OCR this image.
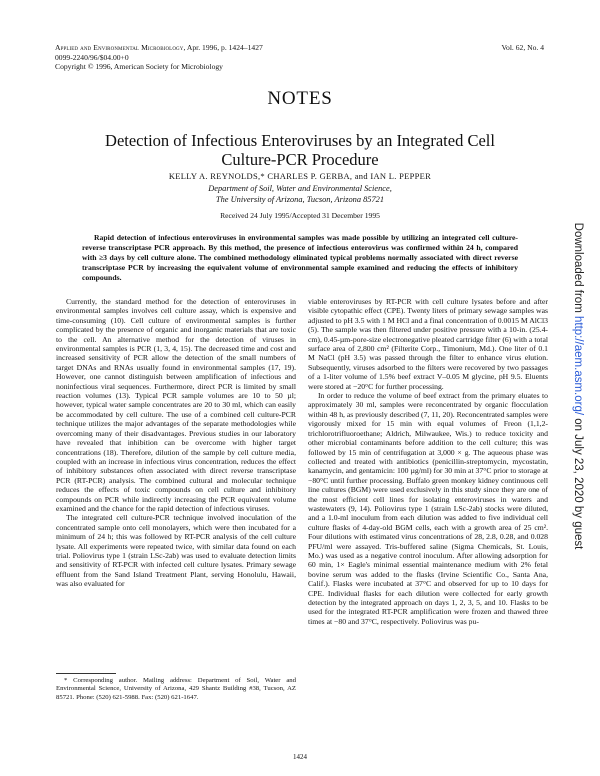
Applied and Environmental Microbiology, Apr. 1996, p. 1424–1427
0099-2240/96/$04.00+0
Copyright © 1996, American Society for Microbiology
Vol. 62, No. 4
NOTES
Detection of Infectious Enteroviruses by an Integrated Cell Culture-PCR Procedure
KELLY A. REYNOLDS,* CHARLES P. GERBA, and IAN L. PEPPER
Department of Soil, Water and Environmental Science,
The University of Arizona, Tucson, Arizona 85721
Received 24 July 1995/Accepted 31 December 1995
Rapid detection of infectious enteroviruses in environmental samples was made possible by utilizing an integrated cell culture-reverse transcriptase PCR approach. By this method, the presence of infectious enterovirus was confirmed within 24 h, compared with ≥3 days by cell culture alone. The combined methodology eliminated typical problems normally associated with direct reverse transcriptase PCR by increasing the equivalent volume of environmental sample examined and reducing the effects of inhibitory compounds.

Currently, the standard method for the detection of enteroviruses in environmental samples involves cell culture assay, which is expensive and time-consuming (10). Cell culture of environmental samples is further complicated by the presence of organic and inorganic materials that are toxic to the cell. An alternative method for the detection of viruses in environmental samples is PCR (1, 3, 4, 15). The decreased time and cost and increased sensitivity of PCR allow the detection of the small numbers of target DNAs and RNAs usually found in environmental samples (17, 19). However, one cannot distinguish between amplification of infectious and noninfectious viral sequences. Furthermore, direct PCR is limited by small reaction volumes (13). Typical PCR sample volumes are 10 to 50 µl; however, typical water sample concentrates are 20 to 30 ml, which can easily be accommodated by cell culture. The use of a combined cell culture-PCR technique utilizes the major advantages of the separate methodologies while overcoming many of their disadvantages. Previous studies in our laboratory have revealed that inhibition can be overcome with higher target concentrations (18). Therefore, dilution of the sample by cell culture media, coupled with an increase in infectious virus concentration, reduces the effect of inhibitory substances often associated with direct reverse transcriptase PCR (RT-PCR) analysis. The combined cultural and molecular technique reduces the effects of toxic compounds on cell culture and inhibitory compounds on PCR while indirectly increasing the PCR equivalent volume examined and the chance for the rapid detection of infectious viruses.

The integrated cell culture-PCR technique involved inoculation of the concentrated sample onto cell monolayers, which were then incubated for a minimum of 24 h; this was followed by RT-PCR analysis of the cell culture lysate. All experiments were repeated twice, with similar data found on each trial. Poliovirus type 1 (strain LSc-2ab) was used to evaluate detection limits and sensitivity of RT-PCR with infected cell culture lysates. Primary sewage effluent from the Sand Island Treatment Plant, serving Honolulu, Hawaii, was also evaluated for

viable enteroviruses by RT-PCR with cell culture lysates before and after visible cytopathic effect (CPE). Twenty liters of primary sewage samples was adjusted to pH 3.5 with 1 M HCl and a final concentration of 0.0015 M AlCl3 (5). The sample was then filtered under positive pressure with a 10-in. (25.4-cm), 0.45-µm-pore-size electronegative pleated cartridge filter (6) with a total surface area of 2,800 cm² (Filterite Corp., Timonium, Md.). One liter of 0.1 M NaCl (pH 3.5) was passed through the filter to enhance virus elution. Subsequently, viruses adsorbed to the filters were recovered by two passages of a 1-liter volume of 1.5% beef extract V–0.05 M glycine, pH 9.5. Eluents were stored at −20°C for further processing.

In order to reduce the volume of beef extract from the primary eluates to approximately 30 ml, samples were reconcentrated by organic flocculation within 48 h, as previously described (7, 11, 20). Reconcentrated samples were vigorously mixed for 15 min with equal volumes of Freon (1,1,2-trichlorotrifluoroethane; Aldrich, Milwaukee, Wis.) to reduce toxicity and other microbial contaminants before addition to the cell culture; this was followed by 15 min of centrifugation at 3,000 × g. The aqueous phase was collected and treated with antibiotics (penicillin-streptomycin, mycostatin, kanamycin, and gentamicin: 100 µg/ml) for 30 min at 37°C prior to storage at −80°C until further processing. Buffalo green monkey kidney continuous cell line cultures (BGM) were used exclusively in this study since they are one of the most efficient cell lines for isolating enteroviruses in waters and wastewaters (9, 14). Poliovirus type 1 (strain LSc-2ab) stocks were diluted, and a 1.0-ml inoculum from each dilution was added to five individual cell culture flasks of 4-day-old BGM cells, each with a growth area of 25 cm². Four dilutions with estimated virus concentrations of 28, 2.8, 0.28, and 0.028 PFU/ml were assayed. Tris-buffered saline (Sigma Chemicals, St. Louis, Mo.) was used as a negative control inoculum. After allowing adsorption for 60 min, 1× Eagle's minimal essential maintenance medium with 2% fetal bovine serum was added to the flasks (Irvine Scientific Co., Santa Ana, Calif.). Flasks were incubated at 37°C and observed for up to 10 days for CPE. Individual flasks for each dilution were collected for early growth detection by the integrated approach on days 1, 2, 3, 5, and 10. Flasks to be used for the integrated RT-PCR amplification were frozen and thawed three times at −80 and 37°C, respectively. Poliovirus was pu-

* Corresponding author. Mailing address: Department of Soil, Water and Environmental Science, University of Arizona, 429 Shantz Building #38, Tucson, AZ 85721. Phone: (520) 621-5988. Fax: (520) 621-1647.
1424
Downloaded from http://aem.asm.org/ on July 23, 2020 by guest
